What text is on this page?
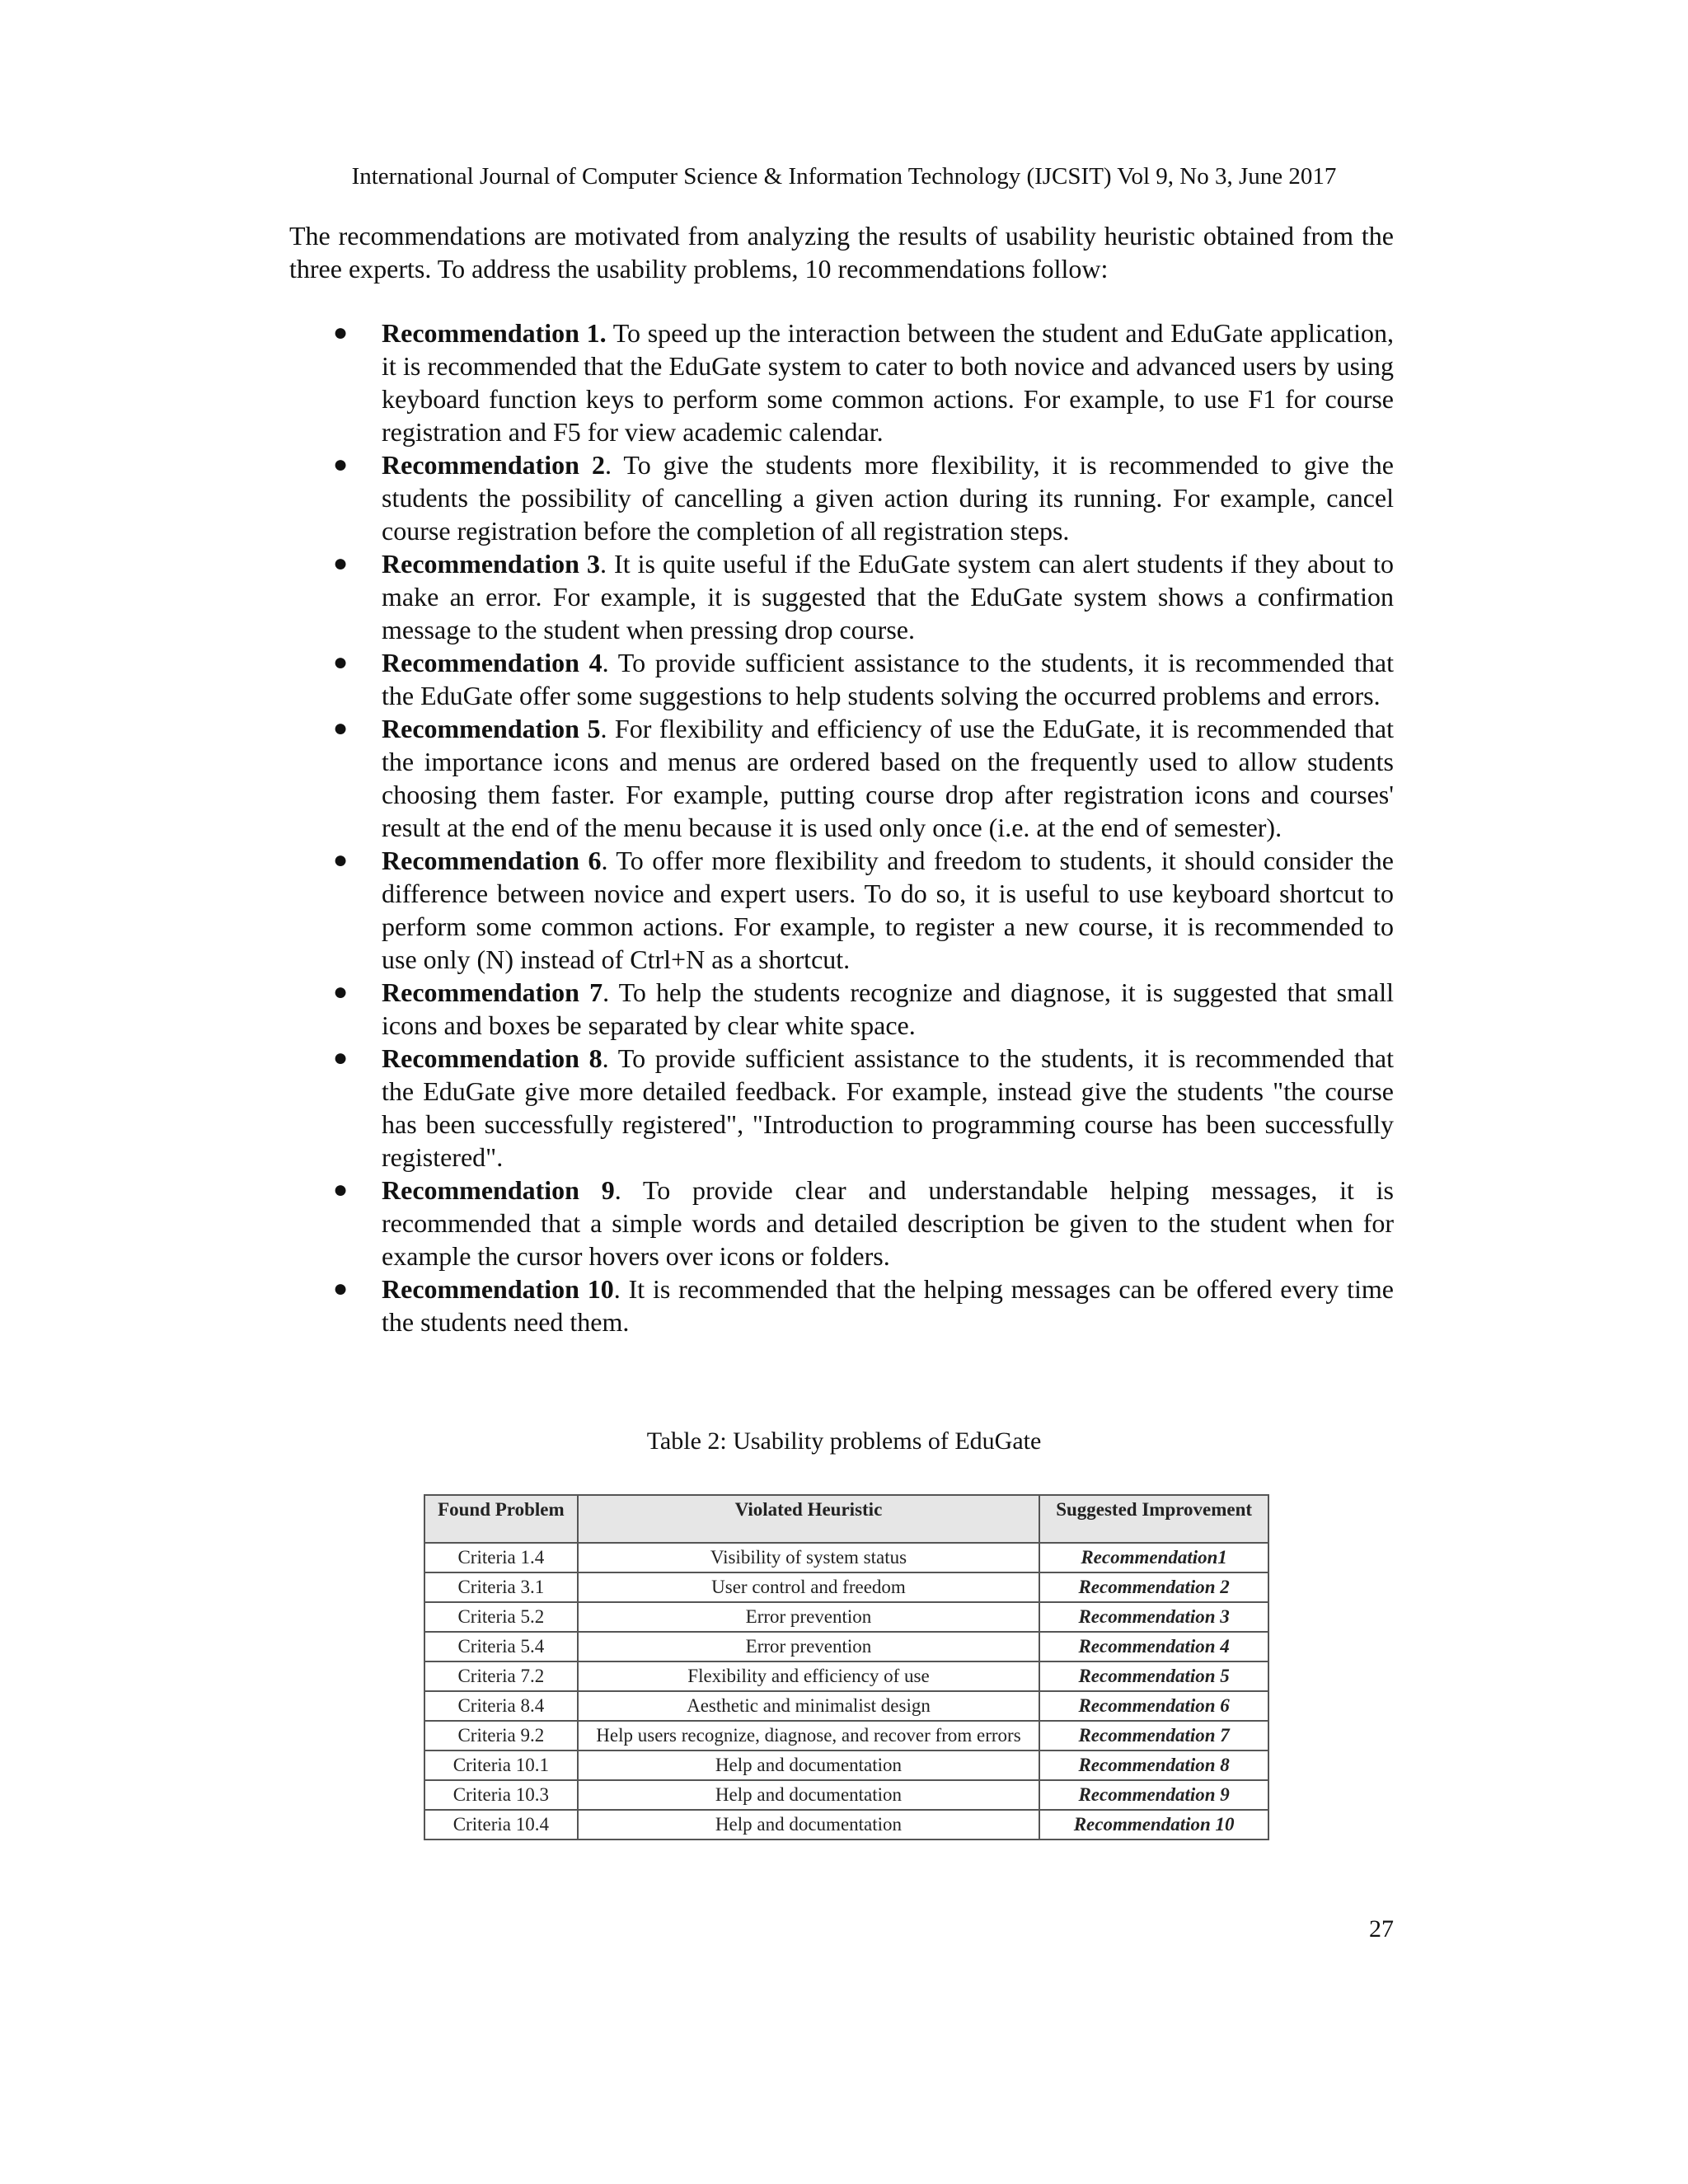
International Journal of Computer Science & Information Technology (IJCSIT) Vol 9, No 3, June 2017

The recommendations are motivated from analyzing the results of usability heuristic obtained from the three experts. To address the usability problems, 10 recommendations follow:

● Recommendation 1. To speed up the interaction between the student and EduGate application, it is recommended that the EduGate system to cater to both novice and advanced users by using keyboard function keys to perform some common actions. For example, to use F1 for course registration and F5 for view academic calendar.
● Recommendation 2. To give the students more flexibility, it is recommended to give the students the possibility of cancelling a given action during its running. For example, cancel course registration before the completion of all registration steps.
● Recommendation 3. It is quite useful if the EduGate system can alert students if they about to make an error. For example, it is suggested that the EduGate system shows a confirmation message to the student when pressing drop course.
● Recommendation 4. To provide sufficient assistance to the students, it is recommended that the EduGate offer some suggestions to help students solving the occurred problems and errors.
● Recommendation 5. For flexibility and efficiency of use the EduGate, it is recommended that the importance icons and menus are ordered based on the frequently used to allow students choosing them faster. For example, putting course drop after registration icons and courses' result at the end of the menu because it is used only once (i.e. at the end of semester).
● Recommendation 6. To offer more flexibility and freedom to students, it should consider the difference between novice and expert users. To do so, it is useful to use keyboard shortcut to perform some common actions. For example, to register a new course, it is recommended to use only (N) instead of Ctrl+N as a shortcut.
● Recommendation 7. To help the students recognize and diagnose, it is suggested that small icons and boxes be separated by clear white space.
● Recommendation 8. To provide sufficient assistance to the students, it is recommended that the EduGate give more detailed feedback. For example, instead give the students "the course has been successfully registered", "Introduction to programming course has been successfully registered".
● Recommendation 9. To provide clear and understandable helping messages, it is recommended that a simple words and detailed description be given to the student when for example the cursor hovers over icons or folders.
● Recommendation 10. It is recommended that the helping messages can be offered every time the students need them.
Table 2: Usability problems of EduGate
Found Problem	Violated Heuristic	Suggested Improvement
Criteria 1.4	Visibility of system status	Recommendation1
Criteria 3.1	User control and freedom	Recommendation 2
Criteria 5.2	Error prevention	Recommendation 3
Criteria 5.4	Error prevention	Recommendation 4
Criteria 7.2	Flexibility and efficiency of use	Recommendation 5
Criteria 8.4	Aesthetic and minimalist design	Recommendation 6
Criteria 9.2	Help users recognize, diagnose, and recover from errors	Recommendation 7
Criteria 10.1	Help and documentation	Recommendation 8
Criteria 10.3	Help and documentation	Recommendation 9
Criteria 10.4	Help and documentation	Recommendation 10
27
